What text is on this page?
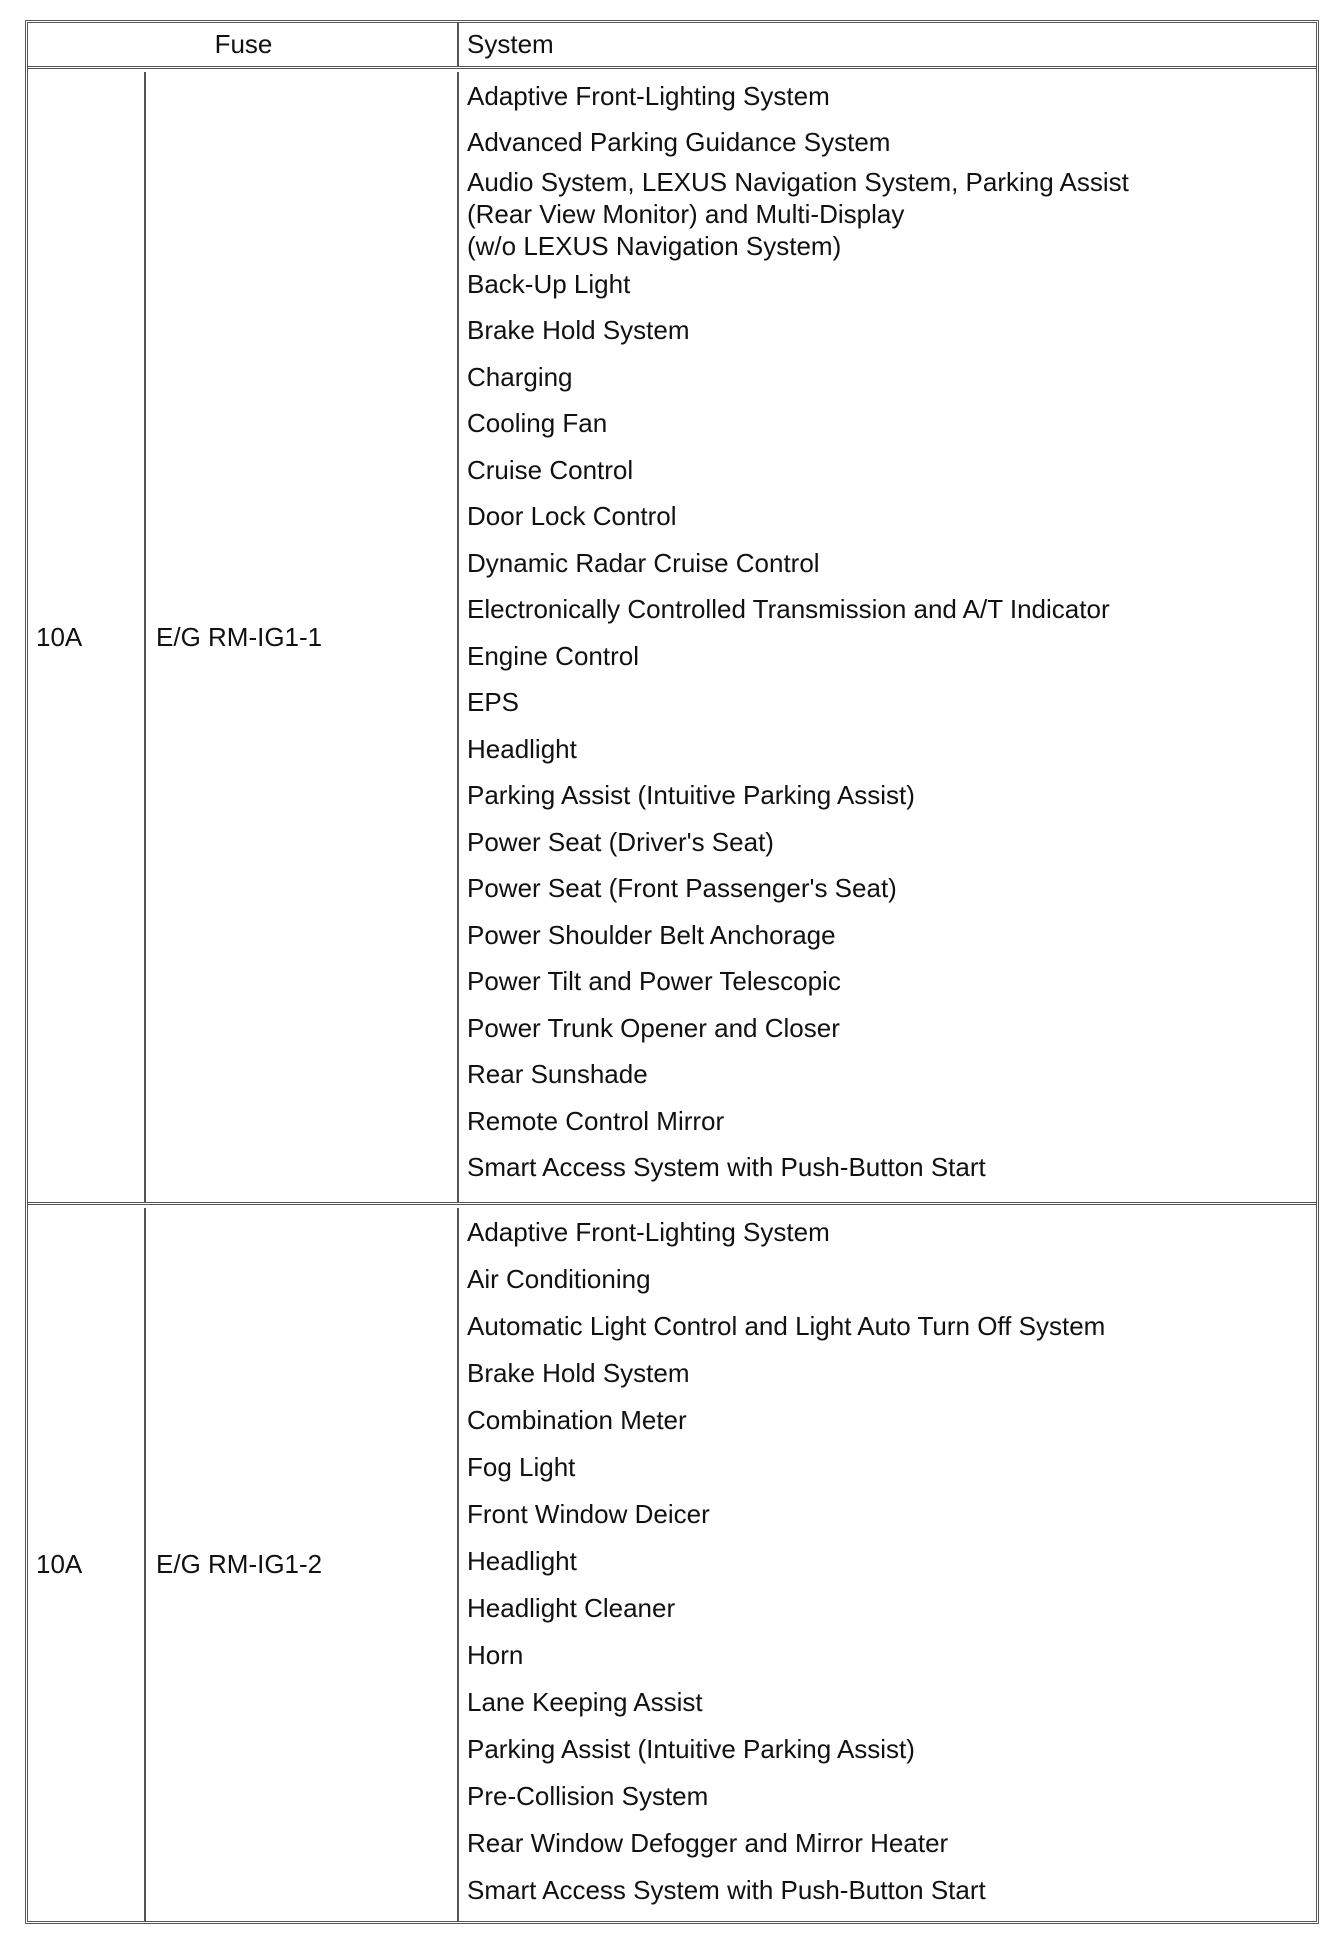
Fuse	System
10A	E/G RM-IG1-1
Adaptive Front-Lighting System
Advanced Parking Guidance System
Audio System, LEXUS Navigation System, Parking Assist
(Rear View Monitor) and Multi-Display
(w/o LEXUS Navigation System)
Back-Up Light
Brake Hold System
Charging
Cooling Fan
Cruise Control
Door Lock Control
Dynamic Radar Cruise Control
Electronically Controlled Transmission and A/T Indicator
Engine Control
EPS
Headlight
Parking Assist (Intuitive Parking Assist)
Power Seat (Driver's Seat)
Power Seat (Front Passenger's Seat)
Power Shoulder Belt Anchorage
Power Tilt and Power Telescopic
Power Trunk Opener and Closer
Rear Sunshade
Remote Control Mirror
Smart Access System with Push-Button Start
10A	E/G RM-IG1-2
Adaptive Front-Lighting System
Air Conditioning
Automatic Light Control and Light Auto Turn Off System
Brake Hold System
Combination Meter
Fog Light
Front Window Deicer
Headlight
Headlight Cleaner
Horn
Lane Keeping Assist
Parking Assist (Intuitive Parking Assist)
Pre-Collision System
Rear Window Defogger and Mirror Heater
Smart Access System with Push-Button Start
